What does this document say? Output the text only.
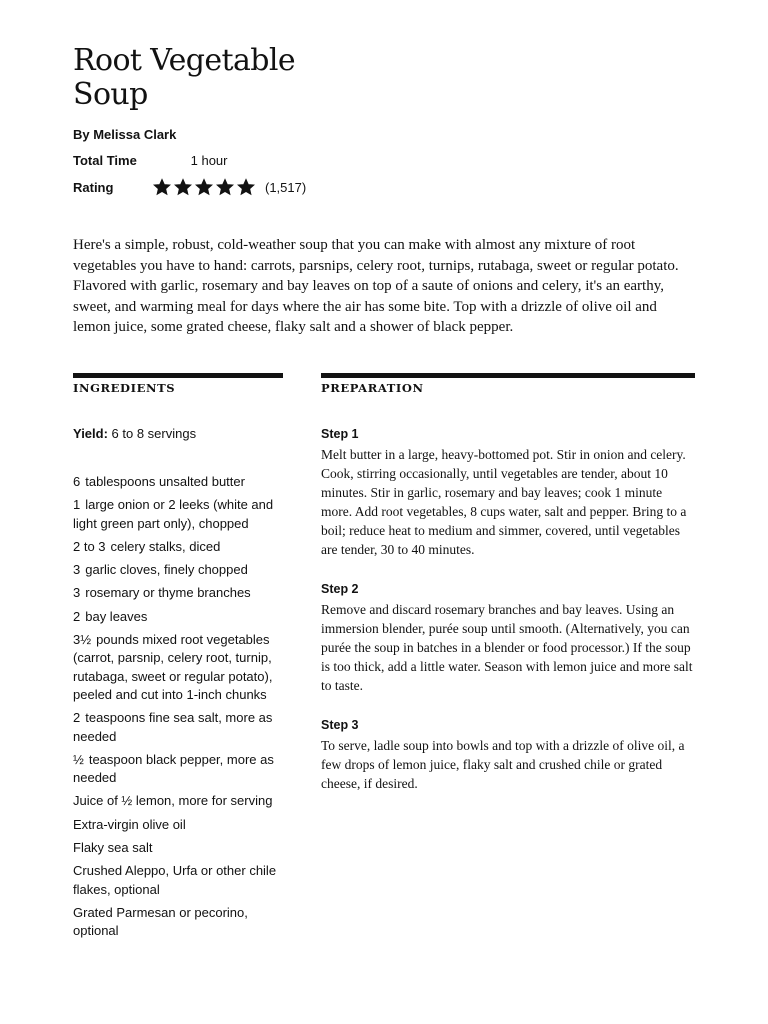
Root Vegetable Soup
By Melissa Clark
Total Time	1 hour
Rating	(1,517)

Here's a simple, robust, cold-weather soup that you can make with almost any mixture of root vegetables you have to hand: carrots, parsnips, celery root, turnips, rutabaga, sweet or regular potato. Flavored with garlic, rosemary and bay leaves on top of a saute of onions and celery, it's an earthy, sweet, and warming meal for days where the air has some bite. Top with a drizzle of olive oil and lemon juice, some grated cheese, flaky salt and a shower of black pepper.

INGREDIENTS	PREPARATION
Yield: 6 to 8 servings
6 tablespoons unsalted butter
1 large onion or 2 leeks (white and light green part only), chopped
2 to 3 celery stalks, diced
3 garlic cloves, finely chopped
3 rosemary or thyme branches
2 bay leaves
3½ pounds mixed root vegetables (carrot, parsnip, celery root, turnip, rutabaga, sweet or regular potato), peeled and cut into 1-inch chunks
2 teaspoons fine sea salt, more as needed
½ teaspoon black pepper, more as needed
Juice of ½ lemon, more for serving
Extra-virgin olive oil
Flaky sea salt
Crushed Aleppo, Urfa or other chile flakes, optional
Grated Parmesan or pecorino, optional

Step 1

Melt butter in a large, heavy-bottomed pot. Stir in onion and celery. Cook, stirring occasionally, until vegetables are tender, about 10 minutes. Stir in garlic, rosemary and bay leaves; cook 1 minute more. Add root vegetables, 8 cups water, salt and pepper. Bring to a boil; reduce heat to medium and simmer, covered, until vegetables are tender, 30 to 40 minutes.

Step 2

Remove and discard rosemary branches and bay leaves. Using an immersion blender, purée soup until smooth. (Alternatively, you can purée the soup in batches in a blender or food processor.) If the soup is too thick, add a little water. Season with lemon juice and more salt to taste.

Step 3

To serve, ladle soup into bowls and top with a drizzle of olive oil, a few drops of lemon juice, flaky salt and crushed chile or grated cheese, if desired.
